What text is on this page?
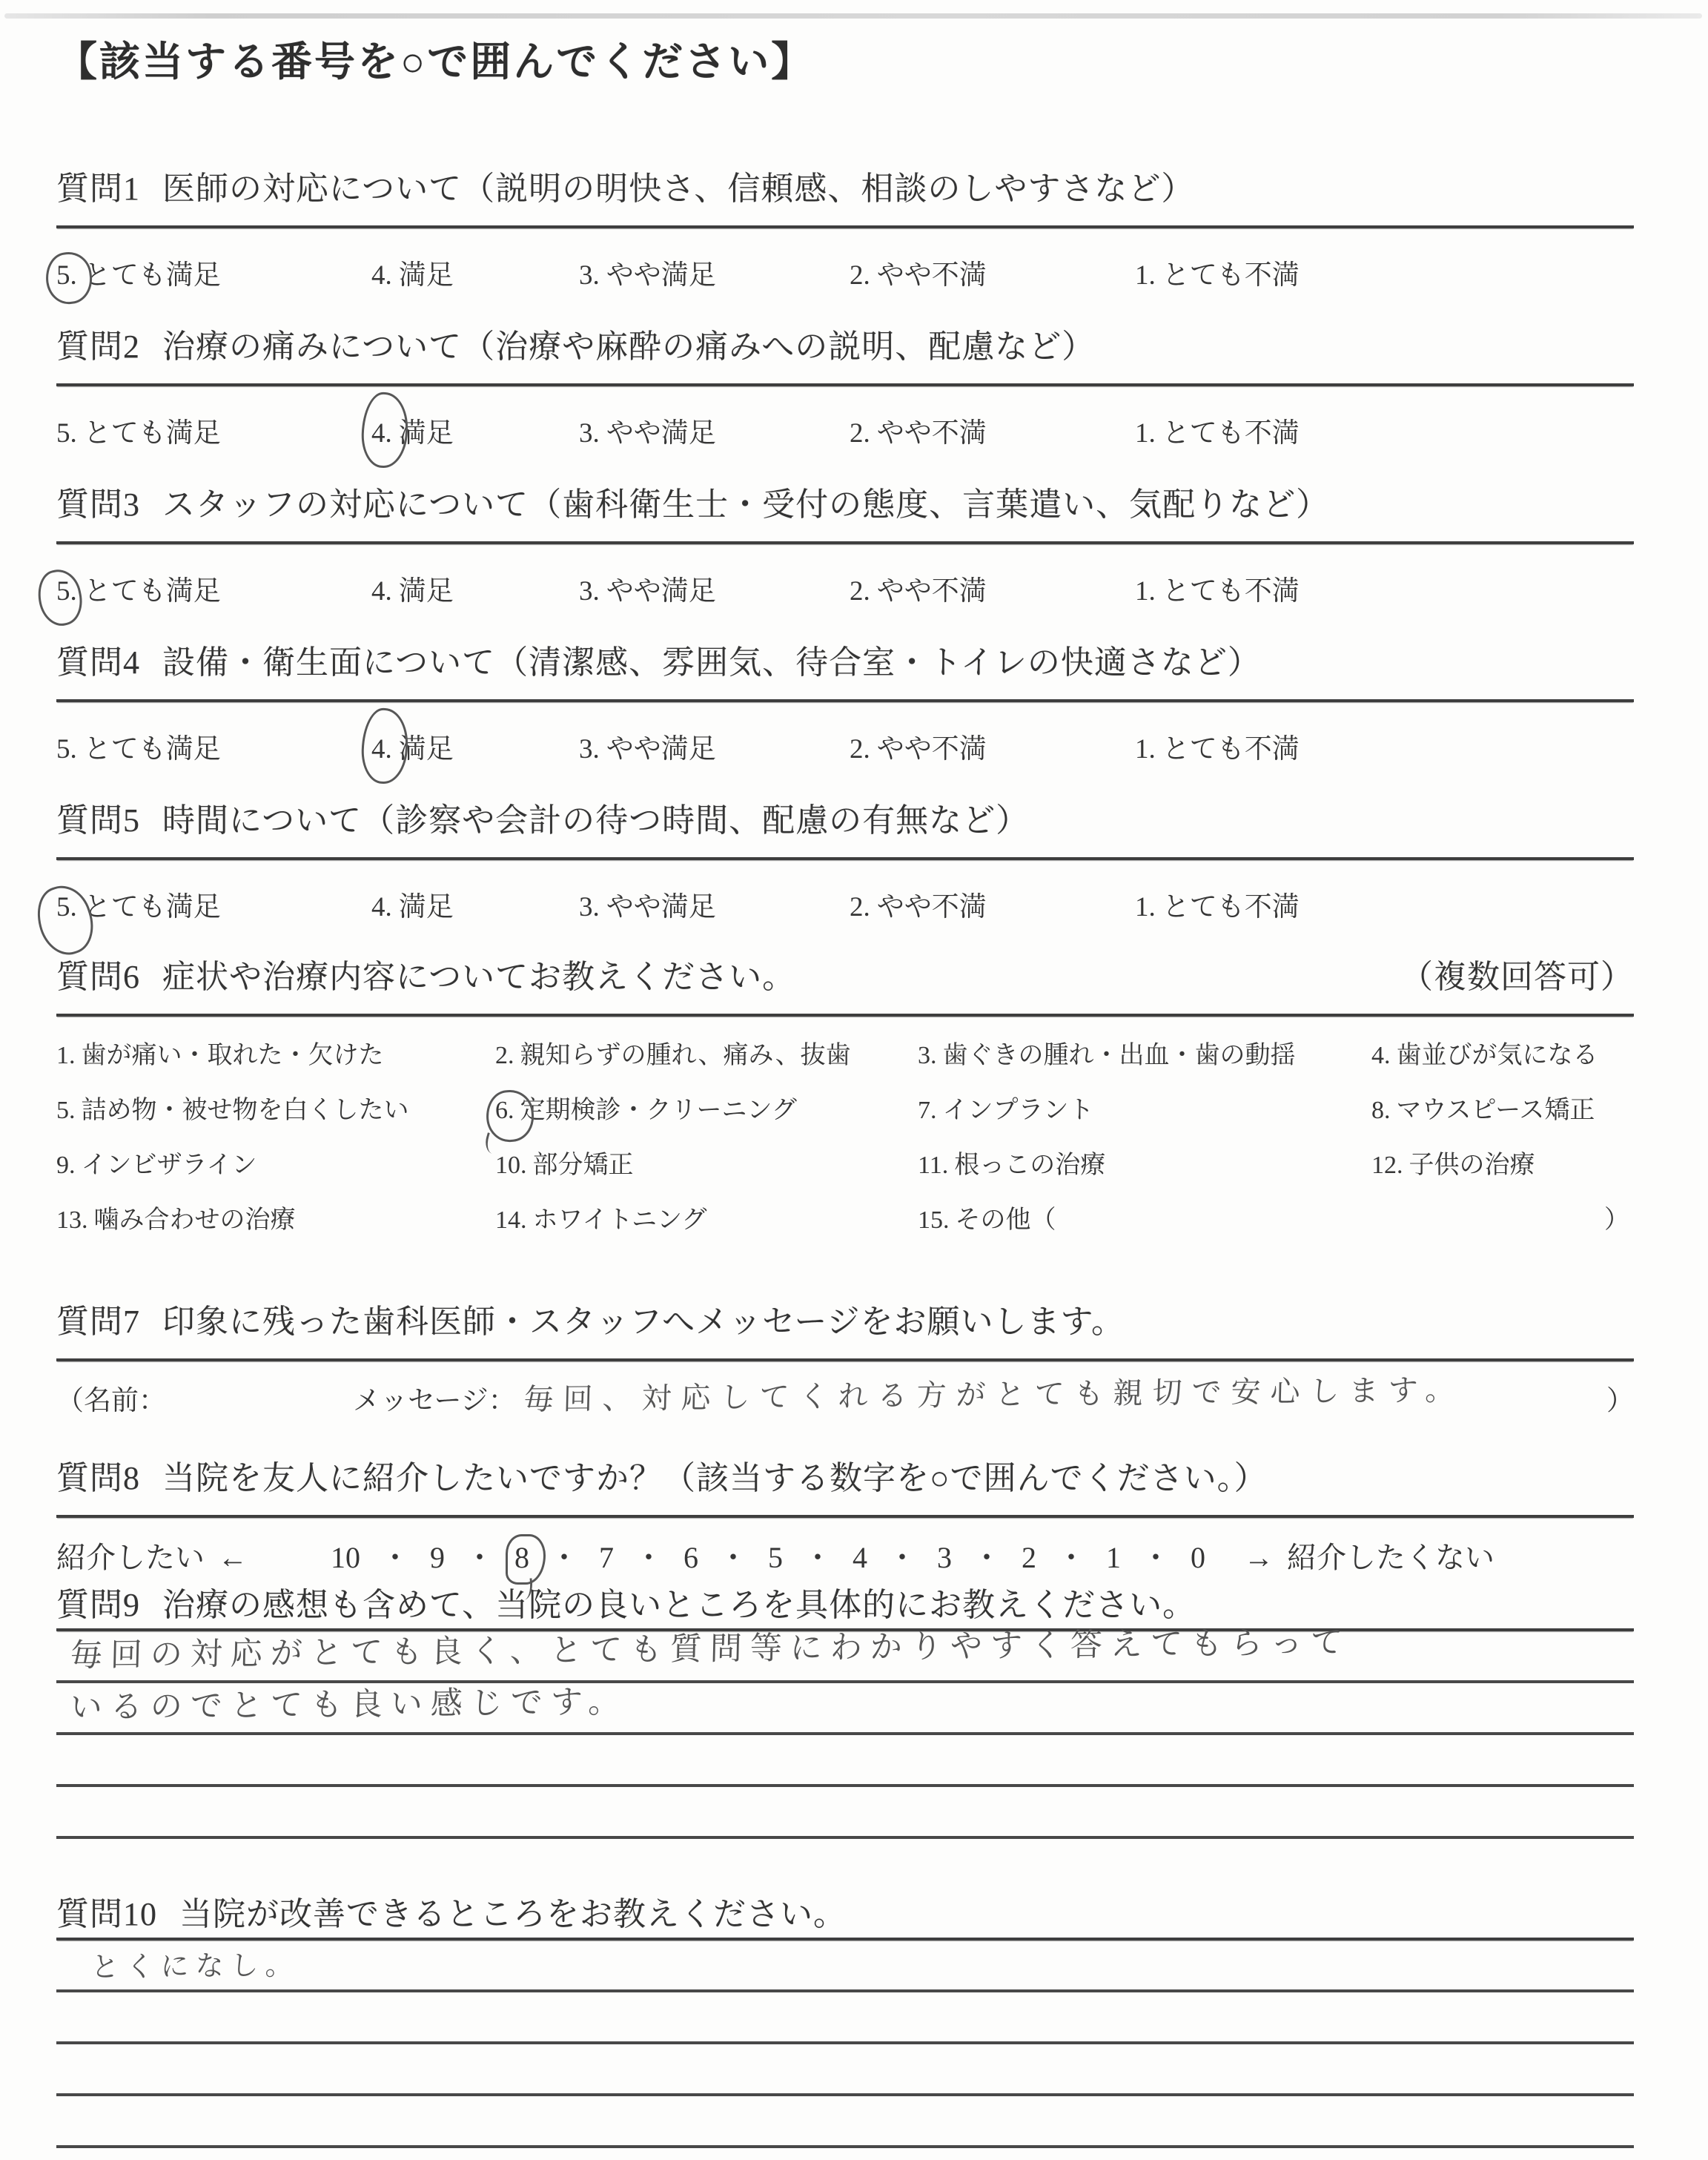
【該当する番号を○で囲んでください】
質問1 医師の対応について（説明の明快さ、信頼感、相談のしやすさなど）
5. とても満足	4. 満足	3. やや満足	2. やや不満	1. とても不満
質問2 治療の痛みについて（治療や麻酔の痛みへの説明、配慮など）
5. とても満足	4. 満足	3. やや満足	2. やや不満	1. とても不満
質問3 スタッフの対応について（歯科衛生士・受付の態度、言葉遣い、気配りなど）
5. とても満足	4. 満足	3. やや満足	2. やや不満	1. とても不満
質問4 設備・衛生面について（清潔感、雰囲気、待合室・トイレの快適さなど）
5. とても満足	4. 満足	3. やや満足	2. やや不満	1. とても不満
質問5 時間について（診察や会計の待つ時間、配慮の有無など）
5. とても満足	4. 満足	3. やや満足	2. やや不満	1. とても不満
質問6 症状や治療内容についてお教えください。	（複数回答可）
1. 歯が痛い・取れた・欠けた	2. 親知らずの腫れ、痛み、抜歯	3. 歯ぐきの腫れ・出血・歯の動揺	4. 歯並びが気になる
5. 詰め物・被せ物を白くしたい	6. 定期検診・クリーニング	7. インプラント	8. マウスピース矯正
9. インビザライン	10. 部分矯正	11. 根っこの治療	12. 子供の治療
13. 噛み合わせの治療	14. ホワイトニング	15. その他（	）
質問7 印象に残った歯科医師・スタッフへメッセージをお願いします。
（名前：	メッセージ： 毎回、対応してくれる方がとても親切で安心します。	）
質問8 当院を友人に紹介したいですか？（該当する数字を○で囲んでください。）
紹介したい ←	10 ・ 9 ・ 8 ・ 7 ・ 6 ・ 5 ・ 4 ・ 3 ・ 2 ・ 1 ・ 0 → 紹介したくない
質問9 治療の感想も含めて、当院の良いところを具体的にお教えください。
毎回の対応がとても良く、とても質問等にわかりやすく答えてもらって
いるのでとても良い感じです。
質問10 当院が改善できるところをお教えください。
とくになし。
